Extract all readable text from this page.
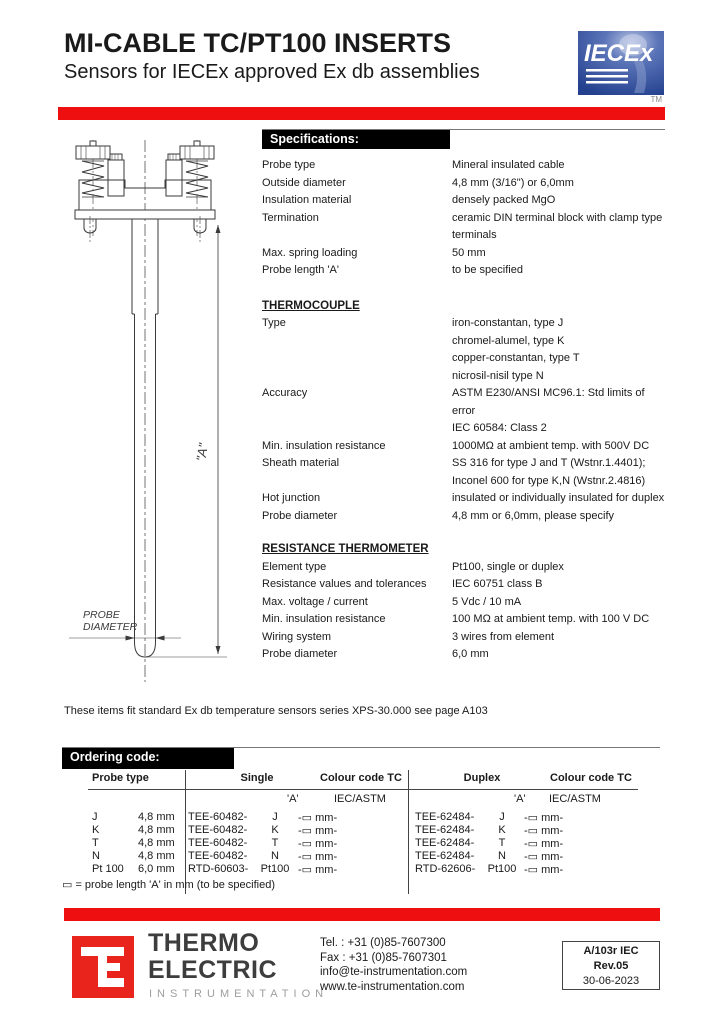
MI-CABLE TC/PT100 INSERTS
Sensors for IECEx approved Ex db assemblies
IECEx
TM
"A"
PROBE
DIAMETER
Specifications:
Probe type	Mineral insulated cable
Outside diameter	4,8 mm (3/16") or 6,0mm
Insulation material	densely packed MgO
Termination	ceramic DIN terminal block with clamp type
terminals
Max. spring loading	50 mm
Probe length 'A'	to be specified
THERMOCOUPLE
Type	iron-constantan, type J
chromel-alumel, type K
copper-constantan, type T
nicrosil-nisil type N
Accuracy	ASTM E230/ANSI MC96.1: Std limits of error
IEC 60584: Class 2
Min. insulation resistance	1000MΩ at ambient temp. with 500V DC
Sheath material	SS 316 for type J and T (Wstnr.1.4401);
Inconel 600 for type K,N (Wstnr.2.4816)
Hot junction	insulated or individually insulated for duplex
Probe diameter	4,8 mm or 6,0mm, please specify
RESISTANCE THERMOMETER
Element type	Pt100, single or duplex
Resistance values and tolerances	IEC 60751 class B
Max. voltage / current	5 Vdc / 10 mA
Min. insulation resistance	100 MΩ at ambient temp. with 100 V DC
Wiring system	3 wires from element
Probe diameter	6,0 mm
These items fit standard Ex db temperature sensors series XPS-30.000 see page A103
Ordering code:
Probe type	Single	Colour code TC	Duplex	Colour code TC
'A'	IEC/ASTM	'A' IEC/ASTM
J	4,8 mm TEE-60482-	J	-▭ mm-	TEE-62484-	J	-▭ mm-
K	4,8 mm TEE-60482-	K	-▭ mm-	TEE-62484-	K	-▭ mm-
T	4,8 mm TEE-60482-	T	-▭ mm-	TEE-62484-	T	-▭ mm-
N	4,8 mm TEE-60482-	N	-▭ mm-	TEE-62484-	N	-▭ mm-
Pt 100 6,0 mm RTD-60603-	Pt100 -▭ mm-	RTD-62606-	Pt100 -▭ mm-
▭ = probe length 'A' in mm (to be specified)
THERMO
ELECTRIC
INSTRUMENTATION
Tel. : +31 (0)85-7607300
Fax : +31 (0)85-7607301
info@te-instrumentation.com
www.te-instrumentation.com
A/103r IEC
Rev.05
30-06-2023
